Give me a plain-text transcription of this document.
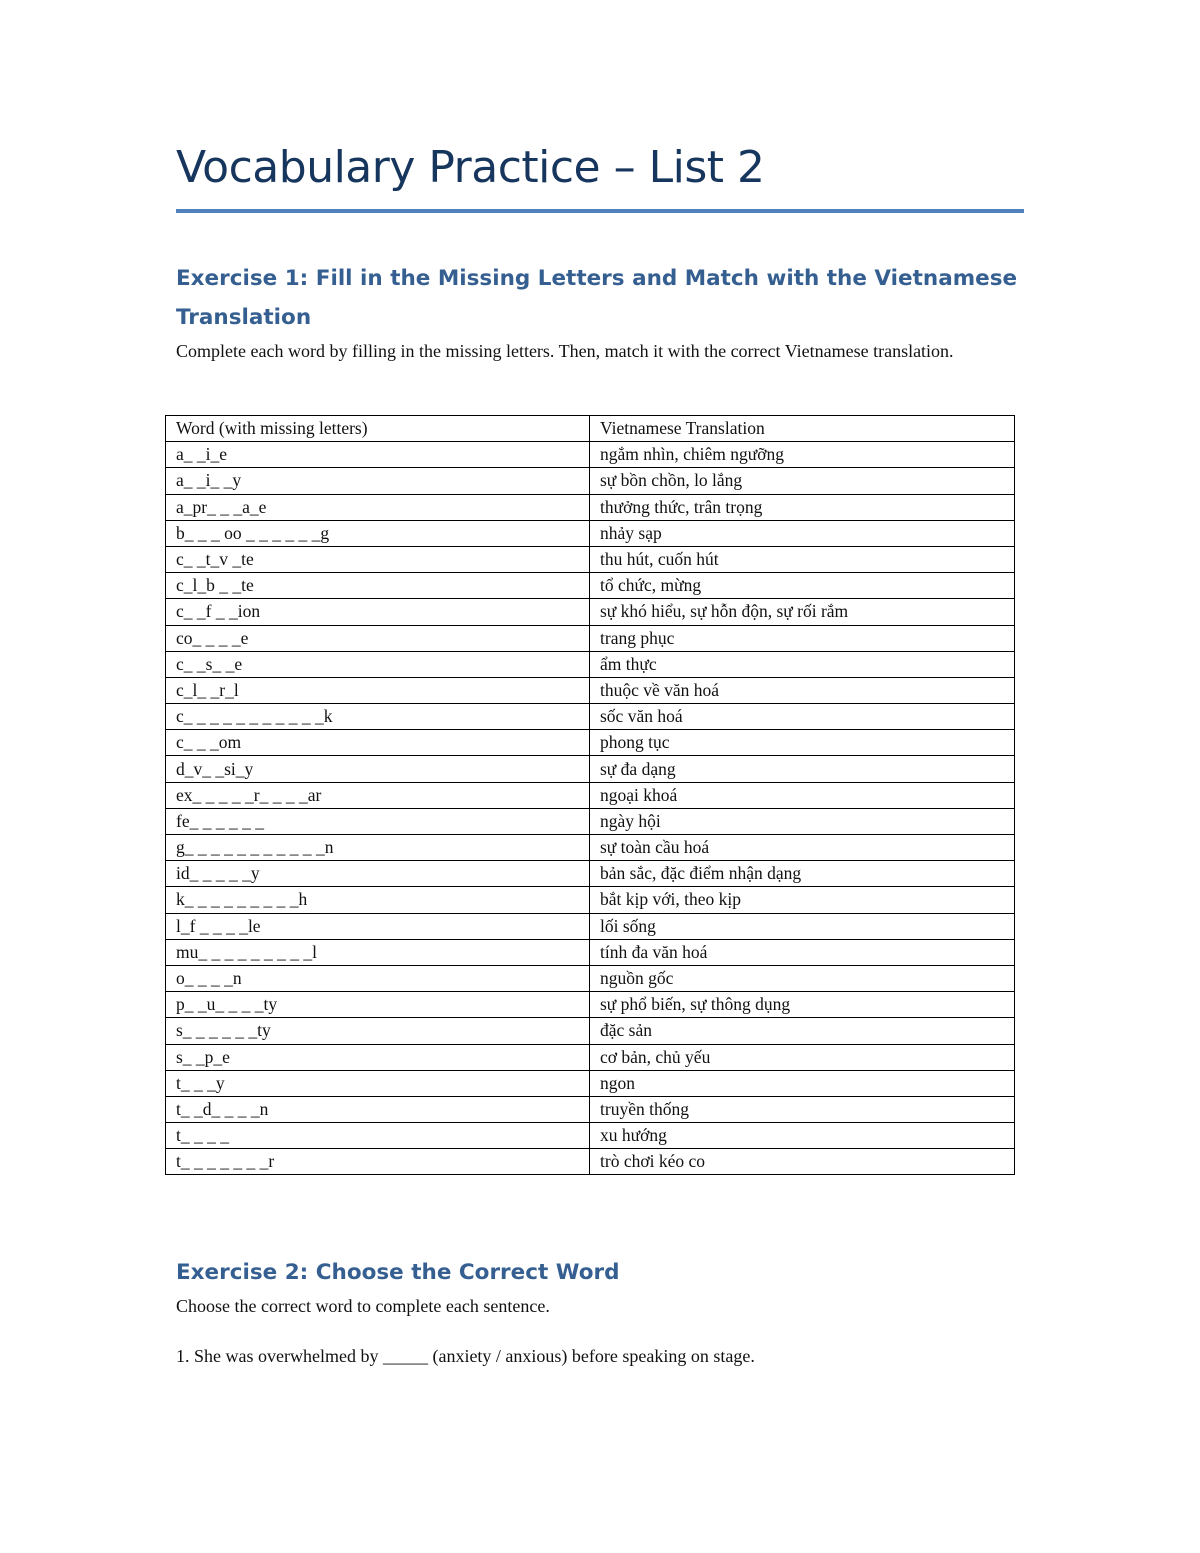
Vocabulary Practice – List 2
Exercise 1: Fill in the Missing Letters and Match with the Vietnamese Translation

Complete each word by filling in the missing letters. Then, match it with the correct Vietnamese translation.

Word (with missing letters)	Vietnamese Translation
a_ _i_e	ngắm nhìn, chiêm ngưỡng
a_ _i_ _y	sự bồn chồn, lo lắng
a_pr_ _ _a_e	thưởng thức, trân trọng
b_ _ _ oo _ _ _ _ _ _g	nhảy sạp
c_ _t_v _te	thu hút, cuốn hút
c_l_b _ _te	tổ chức, mừng
c_ _f _ _ion	sự khó hiểu, sự hỗn độn, sự rối rắm
co_ _ _ _e	trang phục
c_ _s_ _e	ẩm thực
c_l_ _r_l	thuộc về văn hoá
c_ _ _ _ _ _ _ _ _ _ _k	sốc văn hoá
c_ _ _om	phong tục
d_v_ _si_y	sự đa dạng
ex_ _ _ _ _r_ _ _ _ar	ngoại khoá
fe_ _ _ _ _ _	ngày hội
g_ _ _ _ _ _ _ _ _ _ _n	sự toàn cầu hoá
id_ _ _ _ _y	bản sắc, đặc điểm nhận dạng
k_ _ _ _ _ _ _ _ _h	bắt kịp với, theo kịp
l_f _ _ _ _le	lối sống
mu_ _ _ _ _ _ _ _ _l	tính đa văn hoá
o_ _ _ _n	nguồn gốc
p_ _u_ _ _ _ty	sự phổ biến, sự thông dụng
s_ _ _ _ _ _ty	đặc sản
s_ _p_e	cơ bản, chủ yếu
t_ _ _y	ngon
t_ _d_ _ _ _n	truyền thống
t_ _ _ _	xu hướng
t_ _ _ _ _ _ _r	trò chơi kéo co
Exercise 2: Choose the Correct Word

Choose the correct word to complete each sentence.

1. She was overwhelmed by _____ (anxiety / anxious) before speaking on stage.
